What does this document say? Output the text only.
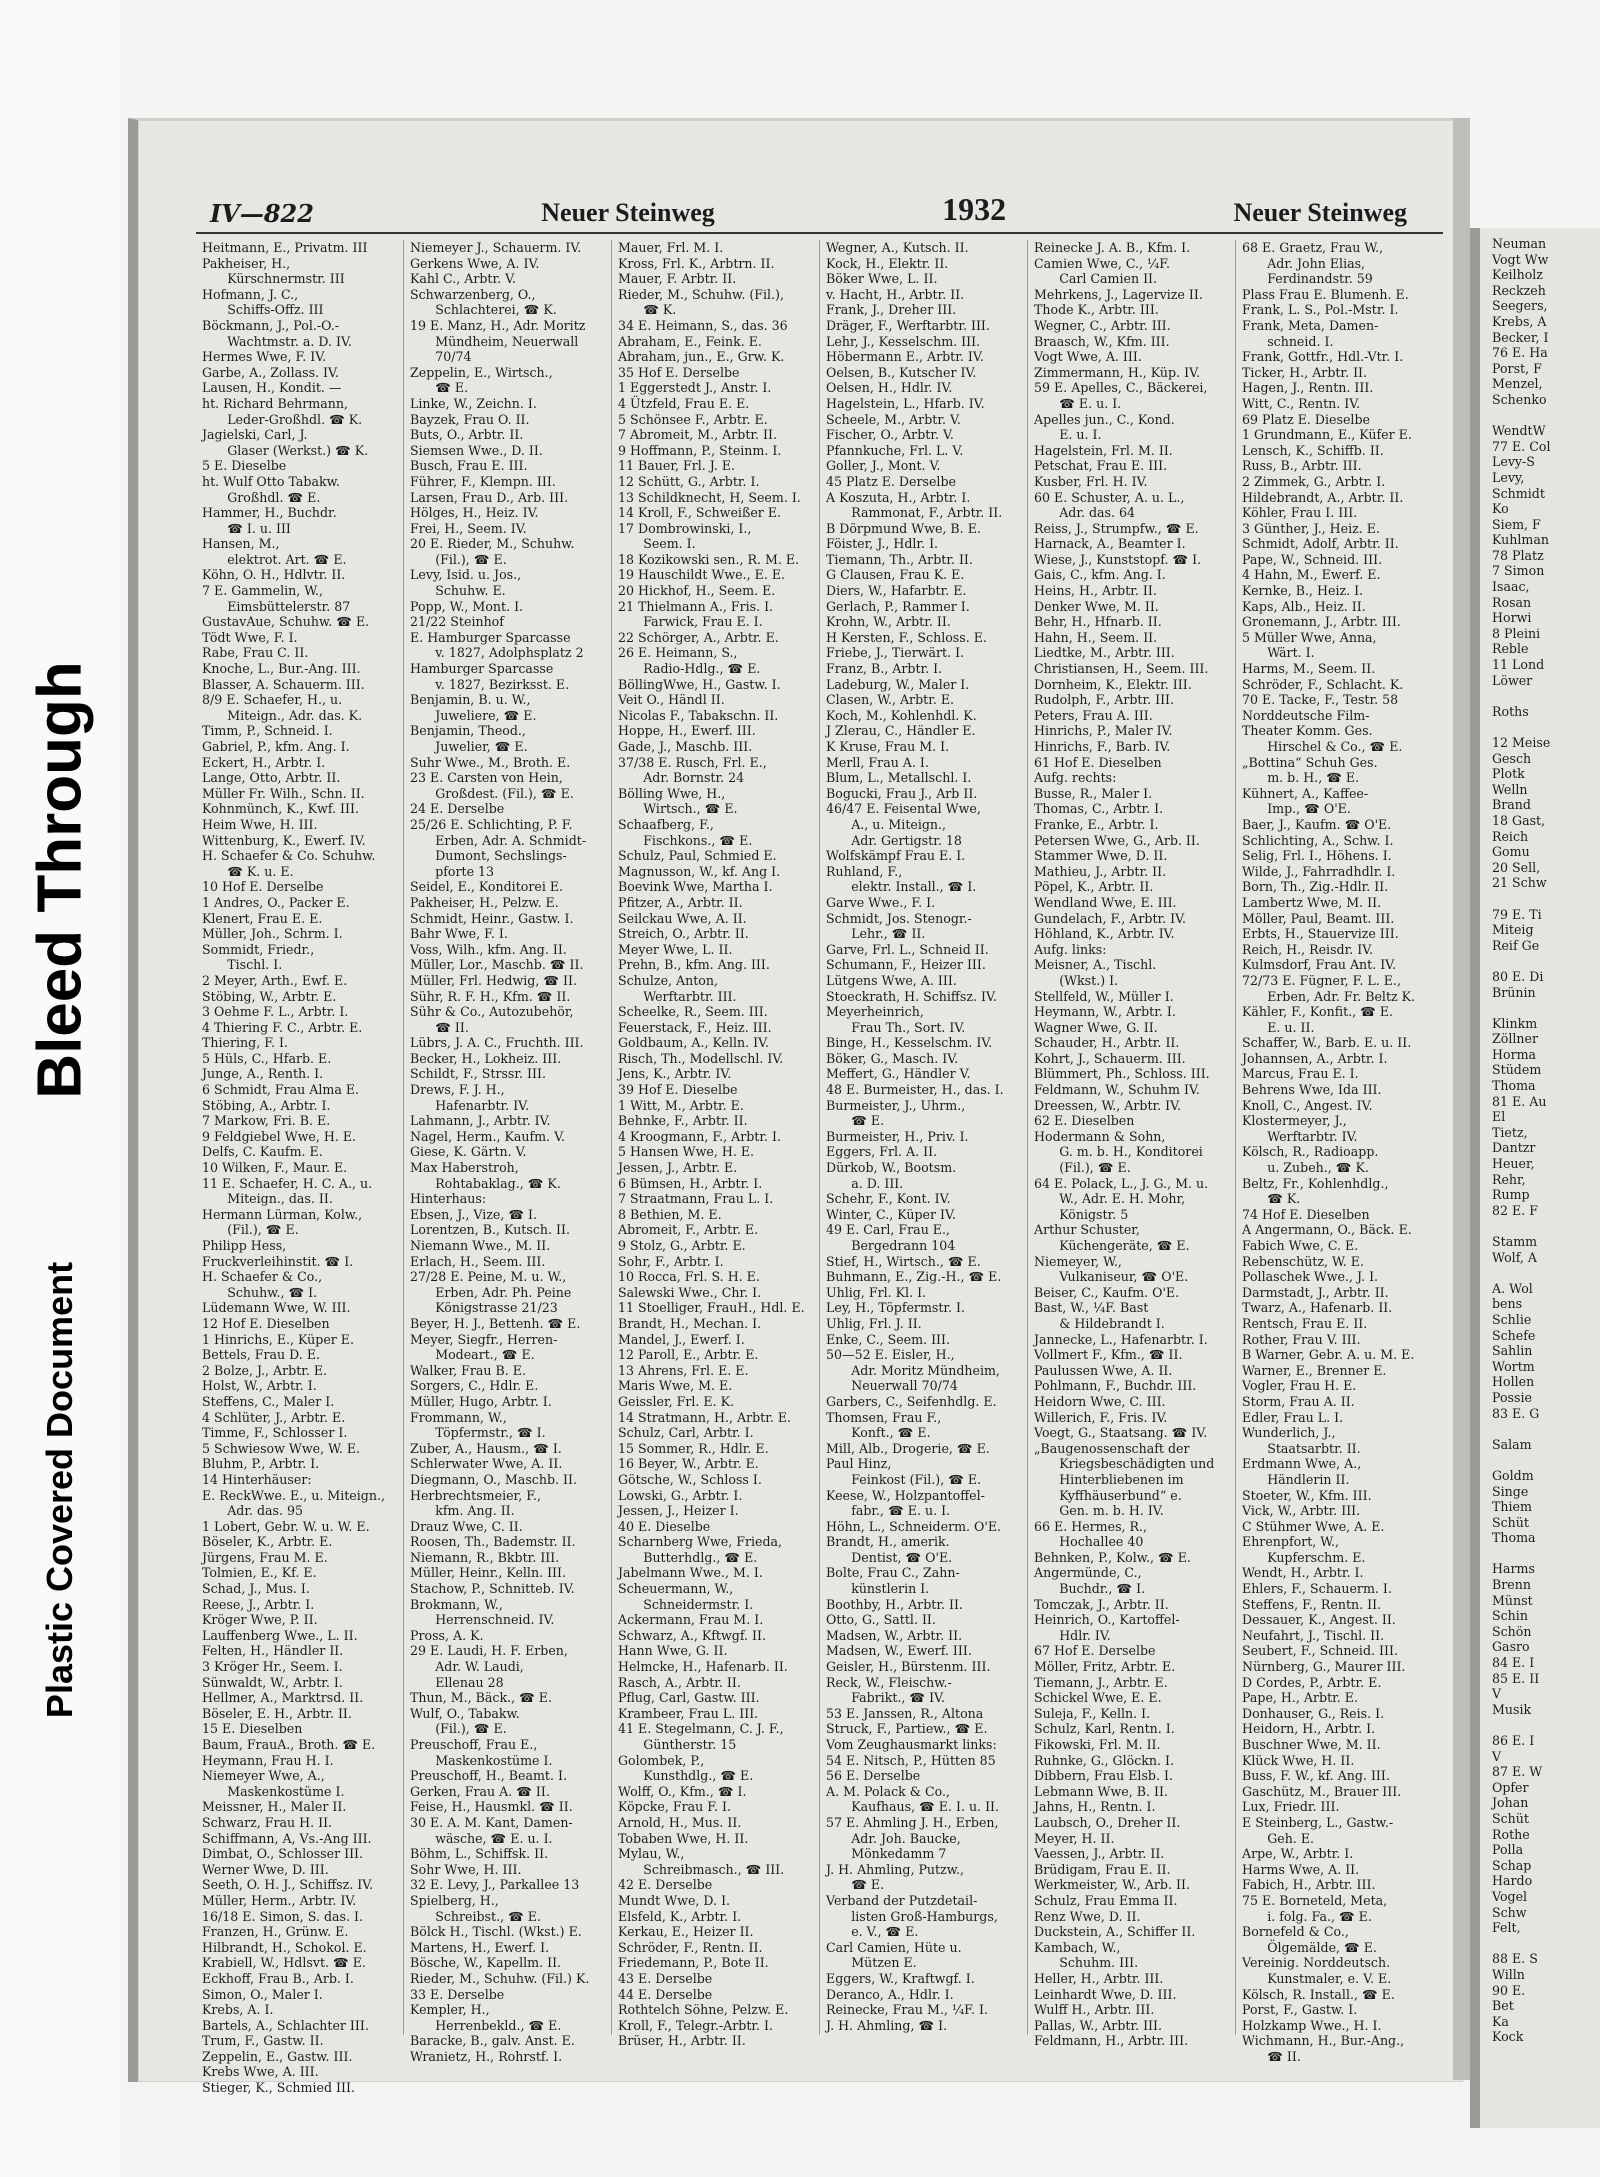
Bleed Through
Plastic Covered Document
IV—822	Neuer Steinweg	1932	Neuer Steinweg
Heitmann, E., Privatm. III
Pakheiser, H.,
  Kürschnermstr. III
Hofmann, J. C.,
  Schiffs-Offz. III
Böckmann, J., Pol.-O.-
  Wachtmstr. a. D. IV.
Hermes Wwe, F. IV.
Garbe, A., Zollass. IV.
Lausen, H., Kondit. —
ht. Richard Behrmann,
  Leder-Großhdl. ☎ K.
Jagielski, Carl, J.
  Glaser (Werkst.) ☎ K.
5 E. Dieselbe
ht. Wulf Otto Tabakw.
  Großhdl. ☎ E.
Hammer, H., Buchdr.
  ☎ I. u. III
Hansen, M.,
  elektrot. Art. ☎ E.
Köhn, O. H., Hdlvtr. II.
7 E. Gammelin, W.,
  Eimsbüttelerstr. 87
GustavAue, Schuhw. ☎ E.
Tödt Wwe, F. I.
Rabe, Frau C. II.
Knoche, L., Bur.-Ang. III.
Blasser, A. Schauerm. III.
8/9 E. Schaefer, H., u.
  Miteign., Adr. das. K.
Timm, P., Schneid. I.
Gabriel, P., kfm. Ang. I.
Eckert, H., Arbtr. I.
Lange, Otto, Arbtr. II.
Müller Fr. Wilh., Schn. II.
Kohnmünch, K., Kwf. III.
Heim Wwe, H. III.
Wittenburg, K., Ewerf. IV.
H. Schaefer & Co. Schuhw.
  ☎ K. u. E.
10 Hof E. Derselbe
1 Andres, O., Packer E.
Klenert, Frau E. E.
Müller, Joh., Schrm. I.
Sommidt, Friedr.,
  Tischl. I.
2 Meyer, Arth., Ewf. E.
Stöbing, W., Arbtr. E.
3 Oehme F. L., Arbtr. I.
4 Thiering F. C., Arbtr. E.
Thiering, F. I.
5 Hüls, C., Hfarb. E.
Junge, A., Renth. I.
6 Schmidt, Frau Alma E.
Stöbing, A., Arbtr. I.
7 Markow, Fri. B. E.
9 Feldgiebel Wwe, H. E.
Delfs, C. Kaufm. E.
10 Wilken, F., Maur. E.
11 E. Schaefer, H. C. A., u.
  Miteign., das. II.
Hermann Lürman, Kolw.,
  (Fil.), ☎ E.
Philipp Hess,
Fruckverleihinstit. ☎ I.
H. Schaefer & Co.,
  Schuhw., ☎ I.
Lüdemann Wwe, W. III.
12 Hof E. Dieselben
1 Hinrichs, E., Küper E.
Bettels, Frau D. E.
2 Bolze, J., Arbtr. E.
Holst, W., Arbtr. I.
Steffens, C., Maler I.
4 Schlüter, J., Arbtr. E.
Timme, F., Schlosser I.
5 Schwiesow Wwe, W. E.
Bluhm, P., Arbtr. I.
14 Hinterhäuser:
E. ReckWwe. E., u. Miteign.,
  Adr. das. 95
1 Lobert, Gebr. W. u. W. E.
Böseler, K., Arbtr. E.
Jürgens, Frau M. E.
Tolmien, E., Kf. E.
Schad, J., Mus. I.
Reese, J., Arbtr. I.
Kröger Wwe, P. II.
Lauffenberg Wwe., L. II.
Felten, H., Händler II.
3 Kröger Hr., Seem. I.
Sünwaldt, W., Arbtr. I.
Hellmer, A., Marktrsd. II.
Böseler, E. H., Arbtr. II.
15 E. Dieselben
Baum, FrauA., Broth. ☎ E.
Heymann, Frau H. I.
Niemeyer Wwe, A.,
  Maskenkostüme I.
Meissner, H., Maler II.
Schwarz, Frau H. II.
Schiffmann, A, Vs.-Ang III.
Dimbat, O., Schlosser III.
Werner Wwe, D. III.
Seeth, O. H. J., Schiffsz. IV.
Müller, Herm., Arbtr. IV.
16/18 E. Simon, S. das. I.
Franzen, H., Grünw. E.
Hilbrandt, H., Schokol. E.
Krabiell, W., Hdlsvt. ☎ E.
Eckhoff, Frau B., Arb. I.
Simon, O., Maler I.
Krebs, A. I.
Bartels, A., Schlachter III.
Trum, F., Gastw. II.
Zeppelin, E., Gastw. III.
Krebs Wwe, A. III.
Stieger, K., Schmied III.
Niemeyer J., Schauerm. IV.
Gerkens Wwe, A. IV.
Kahl C., Arbtr. V.
Schwarzenberg, O.,
  Schlachterei, ☎ K.
19 E. Manz, H., Adr. Moritz
  Mündheim, Neuerwall
  70/74
Zeppelin, E., Wirtsch.,
  ☎ E.
Linke, W., Zeichn. I.
Bayzek, Frau O. II.
Buts, O., Arbtr. II.
Siemsen Wwe., D. II.
Busch, Frau E. III.
Führer, F., Klempn. III.
Larsen, Frau D., Arb. III.
Hölges, H., Heiz. IV.
Frei, H., Seem. IV.
20 E. Rieder, M., Schuhw.
  (Fil.), ☎ E.
Levy, Isid. u. Jos.,
  Schuhw. E.
Popp, W., Mont. I.
21/22 Steinhof
E. Hamburger Sparcasse
  v. 1827, Adolphsplatz 2
Hamburger Sparcasse
  v. 1827, Bezirksst. E.
Benjamin, B. u. W.,
  Juweliere, ☎ E.
Benjamin, Theod.,
  Juwelier, ☎ E.
Suhr Wwe., M., Broth. E.
23 E. Carsten von Hein,
  Großdest. (Fil.), ☎ E.
24 E. Derselbe
25/26 E. Schlichting, P. F.
  Erben, Adr. A. Schmidt-
  Dumont, Sechslings-
  pforte 13
Seidel, E., Konditorei E.
Pakheiser, H., Pelzw. E.
Schmidt, Heinr., Gastw. I.
Bahr Wwe, F. I.
Voss, Wilh., kfm. Ang. II.
Müller, Lor., Maschb. ☎ II.
Müller, Frl. Hedwig, ☎ II.
Sühr, R. F. H., Kfm. ☎ II.
Sühr & Co., Autozubehör,
  ☎ II.
Lübrs, J. A. C., Fruchth. III.
Becker, H., Lokheiz. III.
Schildt, F., Strssr. III.
Drews, F. J. H.,
  Hafenarbtr. IV.
Lahmann, J., Arbtr. IV.
Nagel, Herm., Kaufm. V.
Giese, K. Gärtn. V.
Max Haberstroh,
  Rohtabaklag., ☎ K.
Hinterhaus:
Ebsen, J., Vize, ☎ I.
Lorentzen, B., Kutsch. II.
Niemann Wwe., M. II.
Erlach, H., Seem. III.
27/28 E. Peine, M. u. W.,
  Erben, Adr. Ph. Peine
  Königstrasse 21/23
Beyer, H. J., Bettenh. ☎ E.
Meyer, Siegfr., Herren-
  Modeart., ☎ E.
Walker, Frau B. E.
Sorgers, C., Hdlr. E.
Müller, Hugo, Arbtr. I.
Frommann, W.,
  Töpfermstr., ☎ I.
Zuber, A., Hausm., ☎ I.
Schlerwater Wwe, A. II.
Diegmann, O., Maschb. II.
Herbrechtsmeier, F.,
  kfm. Ang. II.
Drauz Wwe, C. II.
Roosen, Th., Bademstr. II.
Niemann, R., Bkbtr. III.
Müller, Heinr., Kelln. III.
Stachow, P., Schnitteb. IV.
Brokmann, W.,
  Herrenschneid. IV.
Pross, A. K.
29 E. Laudi, H. F. Erben,
  Adr. W. Laudi,
  Ellenau 28
Thun, M., Bäck., ☎ E.
Wulf, O., Tabakw.
  (Fil.), ☎ E.
Preuschoff, Frau E.,
  Maskenkostüme I.
Preuschoff, H., Beamt. I.
Gerken, Frau A. ☎ II.
Feise, H., Hausmkl. ☎ II.
30 E. A. M. Kant, Damen-
  wäsche, ☎ E. u. I.
Böhm, L., Schiffsk. II.
Sohr Wwe, H. III.
32 E. Levy, J., Parkallee 13
Spielberg, H.,
  Schreibst., ☎ E.
Bölck H., Tischl. (Wkst.) E.
Martens, H., Ewerf. I.
Bösche, W., Kapellm. II.
Rieder, M., Schuhw. (Fil.) K.
33 E. Derselbe
Kempler, H.,
  Herrenbekld., ☎ E.
Baracke, B., galv. Anst. E.
Wranietz, H., Rohrstf. I.
Mauer, Frl. M. I.
Kross, Frl. K., Arbtrn. II.
Mauer, F. Arbtr. II.
Rieder, M., Schuhw. (Fil.),
  ☎ K.
34 E. Heimann, S., das. 36
Abraham, E., Feink. E.
Abraham, jun., E., Grw. K.
35 Hof E. Derselbe
1 Eggerstedt J., Anstr. I.
4 Ützfeld, Frau E. E.
5 Schönsee F., Arbtr. E.
7 Abromeit, M., Arbtr. II.
9 Hoffmann, P., Steinm. I.
11 Bauer, Frl. J. E.
12 Schütt, G., Arbtr. I.
13 Schildknecht, H, Seem. I.
14 Kroll, F., Schweißer E.
17 Dombrowinski, I.,
  Seem. I.
18 Kozikowski sen., R. M. E.
19 Hauschildt Wwe., E. E.
20 Hickhof, H., Seem. E.
21 Thielmann A., Fris. I.
  Farwick, Frau E. I.
22 Schörger, A., Arbtr. E.
26 E. Heimann, S.,
  Radio-Hdlg., ☎ E.
BöllingWwe, H., Gastw. I.
Veit O., Händl II.
Nicolas F., Tabakschn. II.
Hoppe, H., Ewerf. III.
Gade, J., Maschb. III.
37/38 E. Rusch, Frl. E.,
  Adr. Bornstr. 24
Bölling Wwe, H.,
  Wirtsch., ☎ E.
Schaafberg, F.,
  Fischkons., ☎ E.
Schulz, Paul, Schmied E.
Magnusson, W., kf. Ang I.
Boevink Wwe, Martha I.
Pfitzer, A., Arbtr. II.
Seilckau Wwe, A. II.
Streich, O., Arbtr. II.
Meyer Wwe, L. II.
Prehn, B., kfm. Ang. III.
Schulze, Anton,
  Werftarbtr. III.
Scheelke, R., Seem. III.
Feuerstack, F., Heiz. III.
Goldbaum, A., Kelln. IV.
Risch, Th., Modellschl. IV.
Jens, K., Arbtr. IV.
39 Hof E. Dieselbe
1 Witt, M., Arbtr. E.
Behnke, F., Arbtr. II.
4 Kroogmann, F., Arbtr. I.
5 Hansen Wwe, H. E.
Jessen, J., Arbtr. E.
6 Bümsen, H., Arbtr. I.
7 Straatmann, Frau L. I.
8 Bethien, M. E.
Abromeit, F., Arbtr. E.
9 Stolz, G., Arbtr. E.
Sohr, F., Arbtr. I.
10 Rocca, Frl. S. H. E.
Salewski Wwe., Chr. I.
11 Stoelliger, FrauH., Hdl. E.
Brandt, H., Mechan. I.
Mandel, J., Ewerf. I.
12 Paroll, E., Arbtr. E.
13 Ahrens, Frl. E. E.
Maris Wwe, M. E.
Geissler, Frl. E. K.
14 Stratmann, H., Arbtr. E.
Schulz, Carl, Arbtr. I.
15 Sommer, R., Hdlr. E.
16 Beyer, W., Arbtr. E.
Götsche, W., Schloss I.
Lowski, G., Arbtr. I.
Jessen, J., Heizer I.
40 E. Dieselbe
Scharnberg Wwe, Frieda,
  Butterhdlg., ☎ E.
Jabelmann Wwe., M. I.
Scheuermann, W.,
  Schneidermstr. I.
Ackermann, Frau M. I.
Schwarz, A., Kftwgf. II.
Hann Wwe, G. II.
Helmcke, H., Hafenarb. II.
Rasch, A., Arbtr. II.
Pflug, Carl, Gastw. III.
Krambeer, Frau L. III.
41 E. Stegelmann, C. J. F.,
  Güntherstr. 15
Golombek, P.,
  Kunsthdlg., ☎ E.
Wolff, O., Kfm., ☎ I.
Köpcke, Frau F. I.
Arnold, H., Mus. II.
Tobaben Wwe, H. II.
Mylau, W.,
  Schreibmasch., ☎ III.
42 E. Derselbe
Mundt Wwe, D. I.
Elsfeld, K., Arbtr. I.
Kerkau, E., Heizer II.
Schröder, F., Rentn. II.
Friedemann, P., Bote II.
43 E. Derselbe
44 E. Derselbe
Rothtelch Söhne, Pelzw. E.
Kroll, F., Telegr.-Arbtr. I.
Brüser, H., Arbtr. II.
Wegner, A., Kutsch. II.
Kock, H., Elektr. II.
Böker Wwe, L. II.
v. Hacht, H., Arbtr. II.
Frank, J., Dreher III.
Dräger, F., Werftarbtr. III.
Lehr, J., Kesselschm. III.
Höbermann E., Arbtr. IV.
Oelsen, B., Kutscher IV.
Oelsen, H., Hdlr. IV.
Hagelstein, L., Hfarb. IV.
Scheele, M., Arbtr. V.
Fischer, O., Arbtr. V.
Pfannkuche, Frl. L. V.
Goller, J., Mont. V.
45 Platz E. Derselbe
A Koszuta, H., Arbtr. I.
  Rammonat, F., Arbtr. II.
B Dörpmund Wwe, B. E.
Föister, J., Hdlr. I.
Tiemann, Th., Arbtr. II.
G Clausen, Frau K. E.
Diers, W., Hafarbtr. E.
Gerlach, P., Rammer I.
Krohn, W., Arbtr. II.
H Kersten, F., Schloss. E.
Friebe, J., Tierwärt. I.
Franz, B., Arbtr. I.
Ladeburg, W., Maler I.
Clasen, W., Arbtr. E.
Koch, M., Kohlenhdl. K.
J Zlerau, C., Händler E.
K Kruse, Frau M. I.
Merll, Frau A. I.
Blum, L., Metallschl. I.
Bogucki, Frau J., Arb II.
46/47 E. Feisental Wwe,
  A., u. Miteign.,
  Adr. Gertigstr. 18
Wolfskämpf Frau E. I.
Ruhland, F.,
  elektr. Install., ☎ I.
Garve Wwe., F. I.
Schmidt, Jos. Stenogr.-
  Lehr., ☎ II.
Garve, Frl. L., Schneid II.
Schumann, F., Heizer III.
Lütgens Wwe, A. III.
Stoeckrath, H. Schiffsz. IV.
Meyerheinrich,
  Frau Th., Sort. IV.
Binge, H., Kesselschm. IV.
Böker, G., Masch. IV.
Meffert, G., Händler V.
48 E. Burmeister, H., das. I.
Burmeister, J., Uhrm.,
  ☎ E.
Burmeister, H., Priv. I.
Eggers, Frl. A. II.
Dürkob, W., Bootsm.
  a. D. III.
Schehr, F., Kont. IV.
Winter, C., Küper IV.
49 E. Carl, Frau E.,
  Bergedrann 104
Stief, H., Wirtsch., ☎ E.
Buhmann, E., Zig.-H., ☎ E.
Uhlig, Frl. Kl. I.
Ley, H., Töpfermstr. I.
Uhlig, Frl. J. II.
Enke, C., Seem. III.
50—52 E. Eisler, H.,
  Adr. Moritz Mündheim,
  Neuerwall 70/74
Garbers, C., Seifenhdlg. E.
Thomsen, Frau F.,
  Konft., ☎ E.
Mill, Alb., Drogerie, ☎ E.
Paul Hinz,
  Feinkost (Fil.), ☎ E.
Keese, W., Holzpantoffel-
  fabr., ☎ E. u. I.
Höhn, L., Schneiderm. O'E.
Brandt, H., amerik.
  Dentist, ☎ O'E.
Bolte, Frau C., Zahn-
  künstlerin I.
Boothby, H., Arbtr. II.
Otto, G., Sattl. II.
Madsen, W., Arbtr. II.
Madsen, W., Ewerf. III.
Geisler, H., Bürstenm. III.
Reck, W., Fleischw.-
  Fabrikt., ☎ IV.
53 E. Janssen, R., Altona
Struck, F., Partiew., ☎ E.
Vom Zeughausmarkt links:
54 E. Nitsch, P., Hütten 85
56 E. Derselbe
A. M. Polack & Co.,
  Kaufhaus, ☎ E. I. u. II.
57 E. Ahmling J. H., Erben,
  Adr. Joh. Baucke,
  Mönkedamm 7
J. H. Ahmling, Putzw.,
  ☎ E.
Verband der Putzdetail-
  listen Groß-Hamburgs,
  e. V., ☎ E.
Carl Camien, Hüte u.
  Mützen E.
Eggers, W., Kraftwgf. I.
Deranco, A., Hdlr. I.
Reinecke, Frau M., ¼F. I.
J. H. Ahmling, ☎ I.
Reinecke J. A. B., Kfm. I.
Camien Wwe, C., ¼F.
  Carl Camien II.
Mehrkens, J., Lagervize II.
Thode K., Arbtr. III.
Wegner, C., Arbtr. III.
Braasch, W., Kfm. III.
Vogt Wwe, A. III.
Zimmermann, H., Küp. IV.
59 E. Apelles, C., Bäckerei,
  ☎ E. u. I.
Apelles jun., C., Kond.
  E. u. I.
Hagelstein, Frl. M. II.
Petschat, Frau E. III.
Kusber, Frl. H. IV.
60 E. Schuster, A. u. L.,
  Adr. das. 64
Reiss, J., Strumpfw., ☎ E.
Harnack, A., Beamter I.
Wiese, J., Kunststopf. ☎ I.
Gais, C., kfm. Ang. I.
Heins, H., Arbtr. II.
Denker Wwe, M. II.
Behr, H., Hfnarb. II.
Hahn, H., Seem. II.
Liedtke, M., Arbtr. III.
Christiansen, H., Seem. III.
Dornheim, K., Elektr. III.
Rudolph, F., Arbtr. III.
Peters, Frau A. III.
Hinrichs, P., Maler IV.
Hinrichs, F., Barb. IV.
61 Hof E. Dieselben
Aufg. rechts:
Busse, R., Maler I.
Thomas, C., Arbtr. I.
Franke, E., Arbtr. I.
Petersen Wwe, G., Arb. II.
Stammer Wwe, D. II.
Mathieu, J., Arbtr. II.
Pöpel, K., Arbtr. II.
Wendland Wwe, E. III.
Gundelach, F., Arbtr. IV.
Höhland, K., Arbtr. IV.
Aufg. links:
Meisner, A., Tischl.
  (Wkst.) I.
Stellfeld, W., Müller I.
Heymann, W., Arbtr. I.
Wagner Wwe, G. II.
Schauder, H., Arbtr. II.
Kohrt, J., Schauerm. III.
Blümmert, Ph., Schloss. III.
Feldmann, W., Schuhm IV.
Dreessen, W., Arbtr. IV.
62 E. Dieselben
Hodermann & Sohn,
  G. m. b. H., Konditorei
  (Fil.), ☎ E.
64 E. Polack, L., J. G., M. u.
  W., Adr. E. H. Mohr,
  Königstr. 5
Arthur Schuster,
  Küchengeräte, ☎ E.
Niemeyer, W.,
  Vulkaniseur, ☎ O'E.
Beiser, C., Kaufm. O'E.
Bast, W., ¼F. Bast
  & Hildebrandt I.
Jannecke, L., Hafenarbtr. I.
Vollmert F., Kfm., ☎ II.
Paulussen Wwe, A. II.
Pohlmann, F., Buchdr. III.
Heidorn Wwe, C. III.
Willerich, F., Fris. IV.
Voegt, G., Staatsang. ☎ IV.
„Baugenossenschaft der
  Kriegsbeschädigten und
  Hinterbliebenen im
  Kyffhäuserbund“ e.
  Gen. m. b. H. IV.
66 E. Hermes, R.,
  Hochallee 40
Behnken, P., Kolw., ☎ E.
Angermünde, C.,
  Buchdr., ☎ I.
Tomczak, J., Arbtr. II.
Heinrich, O., Kartoffel-
  Hdlr. IV.
67 Hof E. Derselbe
Möller, Fritz, Arbtr. E.
Tiemann, J., Arbtr. E.
Schickel Wwe, E. E.
Suleja, F., Kelln. I.
Schulz, Karl, Rentn. I.
Fikowski, Frl. M. II.
Ruhnke, G., Glöckn. I.
Dibbern, Frau Elsb. I.
Lebmann Wwe, B. II.
Jahns, H., Rentn. I.
Laubsch, O., Dreher II.
Meyer, H. II.
Vaessen, J., Arbtr. II.
Brüdigam, Frau E. II.
Werkmeister, W., Arb. II.
Schulz, Frau Emma II.
Renz Wwe, D. II.
Duckstein, A., Schiffer II.
Kambach, W.,
  Schuhm. III.
Heller, H., Arbtr. III.
Leinhardt Wwe, D. III.
Wulff H., Arbtr. III.
Pallas, W., Arbtr. III.
Feldmann, H., Arbtr. III.
68 E. Graetz, Frau W.,
  Adr. John Elias,
  Ferdinandstr. 59
Plass Frau E. Blumenh. E.
Frank, L. S., Pol.-Mstr. I.
Frank, Meta, Damen-
  schneid. I.
Frank, Gottfr., Hdl.-Vtr. I.
Ticker, H., Arbtr. II.
Hagen, J., Rentn. III.
Witt, C., Rentn. IV.
69 Platz E. Dieselbe
1 Grundmann, E., Küfer E.
Lensch, K., Schiffb. II.
Russ, B., Arbtr. III.
2 Zimmek, G., Arbtr. I.
Hildebrandt, A., Arbtr. II.
Köhler, Frau I. III.
3 Günther, J., Heiz. E.
Schmidt, Adolf, Arbtr. II.
Pape, W., Schneid. III.
4 Hahn, M., Ewerf. E.
Kernke, B., Heiz. I.
Kaps, Alb., Heiz. II.
Gronemann, J., Arbtr. III.
5 Müller Wwe, Anna,
  Wärt. I.
Harms, M., Seem. II.
Schröder, F., Schlacht. K.
70 E. Tacke, F., Testr. 58
Norddeutsche Film-
Theater Komm. Ges.
  Hirschel & Co., ☎ E.
„Bottina“ Schuh Ges.
  m. b. H., ☎ E.
Kühnert, A., Kaffee-
  Imp., ☎ O'E.
Baer, J., Kaufm. ☎ O'E.
Schlichting, A., Schw. I.
Selig, Frl. I., Höhens. I.
Wilde, J., Fahrradhdlr. I.
Born, Th., Zig.-Hdlr. II.
Lambertz Wwe, M. II.
Möller, Paul, Beamt. III.
Erbts, H., Stauervize III.
Reich, H., Reisdr. IV.
Kulmsdorf, Frau Ant. IV.
72/73 E. Fügner, F. L. E.,
  Erben, Adr. Fr. Beltz K.
Kähler, F., Konfit., ☎ E.
  E. u. II.
Schaffer, W., Barb. E. u. II.
Johannsen, A., Arbtr. I.
Marcus, Frau E. I.
Behrens Wwe, Ida III.
Knoll, C., Angest. IV.
Klostermeyer, J.,
  Werftarbtr. IV.
Kölsch, R., Radioapp.
  u. Zubeh., ☎ K.
Beltz, Fr., Kohlenhdlg.,
  ☎ K.
74 Hof E. Dieselben
A Angermann, O., Bäck. E.
Fabich Wwe, C. E.
Rebenschütz, W. E.
Pollaschek Wwe., J. I.
Darmstadt, J., Arbtr. II.
Twarz, A., Hafenarb. II.
Rentsch, Frau E. II.
Rother, Frau V. III.
B Warner, Gebr. A. u. M. E.
Warner, E., Brenner E.
Vogler, Frau H. E.
Storm, Frau A. II.
Edler, Frau L. I.
Wunderlich, J.,
  Staatsarbtr. II.
Erdmann Wwe, A.,
  Händlerin II.
Stoeter, W., Kfm. III.
Vick, W., Arbtr. III.
C Stühmer Wwe, A. E.
Ehrenpfort, W.,
  Kupferschm. E.
Wendt, H., Arbtr. I.
Ehlers, F., Schauerm. I.
Steffens, F., Rentn. II.
Dessauer, K., Angest. II.
Neufahrt, J., Tischl. II.
Seubert, F., Schneid. III.
Nürnberg, G., Maurer III.
D Cordes, P., Arbtr. E.
Pape, H., Arbtr. E.
Donhauser, G., Reis. I.
Heidorn, H., Arbtr. I.
Buschner Wwe, M. II.
Klück Wwe, H. II.
Buss, F. W., kf. Ang. III.
Gaschütz, M., Brauer III.
Lux, Friedr. III.
E Steinberg, L., Gastw.-
  Geh. E.
Arpe, W., Arbtr. I.
Harms Wwe, A. II.
Fabich, H., Arbtr. III.
75 E. Borneteld, Meta,
  i. folg. Fa., ☎ E.
Bornefeld & Co.,
  Ölgemälde, ☎ E.
Vereinig. Norddeutsch.
  Kunstmaler, e. V. E.
Kölsch, R. Install., ☎ E.
Porst, F., Gastw. I.
Holzkamp Wwe., H. I.
Wichmann, H., Bur.-Ang.,
  ☎ II.
Neuman
Vogt Ww
Keilholz
Reckzeh
Seegers,
Krebs, A
Becker, I
76 E. Ha
Porst, F
Menzel,
Schenko

WendtW
77 E. Col
Levy-S
Levy,
Schmidt
Ko
Siem, F
Kuhlman
78 Platz
7 Simon
Isaac,
Rosan
Horwi
8 Pleini
Reble
11 Lond
Löwer

Roths

12 Meise
Gesch
Plotk
Welln
Brand
18 Gast,
Reich
Gomu
20 Sell,
21 Schw

79 E. Ti
Miteig
Reif Ge

80 E. Di
Brünin

Klinkm
Zöllner
Horma
Stüdem
Thoma
81 E. Au
El
Tietz,
Dantzr
Heuer,
Rehr,
Rump
82 E. F

Stamm
Wolf, A

A. Wol
bens
Schlie
Schefe
Sahlin
Wortm
Hollen
Possie
83 E. G

Salam

Goldm
Singe
Thiem
Schüt
Thoma

Harms
Brenn
Münst
Schin
Schön
Gasro
84 E. I
85 E. II
V
Musik

86 E. I
V
87 E. W
Opfer
Johan
Schüt
Rothe
Polla
Schap
Hardo
Vogel
Schw
Felt,

88 E. S
Willn
90 E.
Bet
Ka
Kock
